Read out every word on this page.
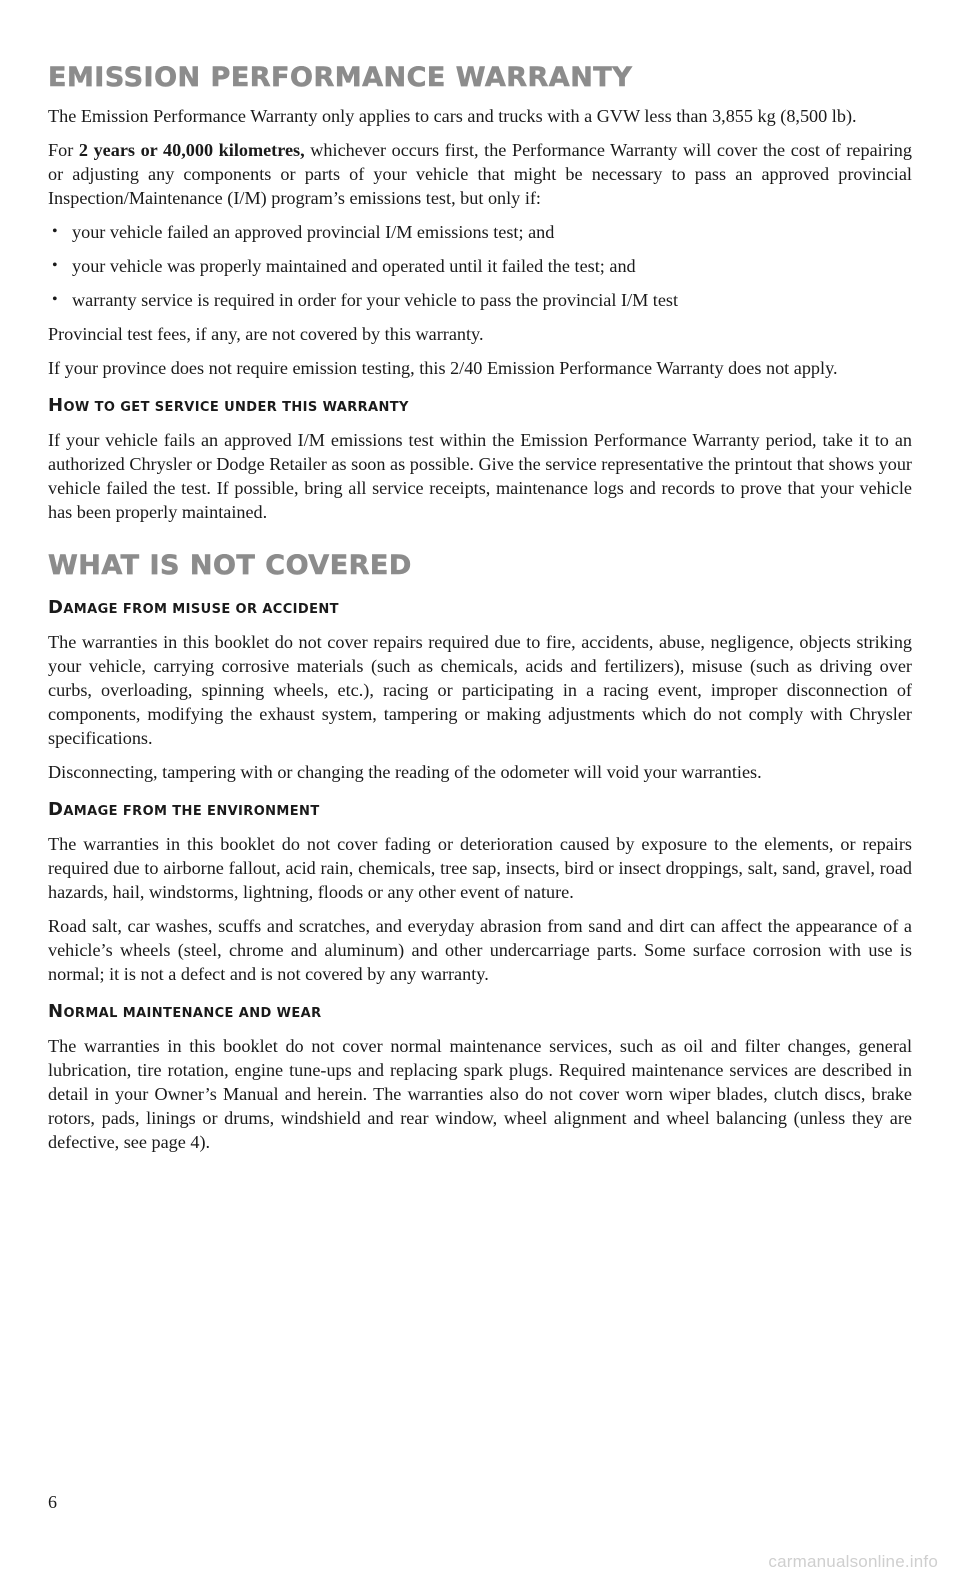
EMISSION PERFORMANCE WARRANTY

The Emission Performance Warranty only applies to cars and trucks with a GVW less than 3,855 kg (8,500 lb).

For 2 years or 40,000 kilometres, whichever occurs first, the Performance Warranty will cover the cost of repairing or adjusting any components or parts of your vehicle that might be necessary to pass an approved provincial Inspection/Maintenance (I/M) program’s emissions test, but only if:

• your vehicle failed an approved provincial I/M emissions test; and
• your vehicle was properly maintained and operated until it failed the test; and
• warranty service is required in order for your vehicle to pass the provincial I/M test

Provincial test fees, if any, are not covered by this warranty.

If your province does not require emission testing, this 2/40 Emission Performance Warranty does not apply.

HOW TO GET SERVICE UNDER THIS WARRANTY

If your vehicle fails an approved I/M emissions test within the Emission Performance Warranty period, take it to an authorized Chrysler or Dodge Retailer as soon as possible. Give the service representative the printout that shows your vehicle failed the test. If possible, bring all service receipts, maintenance logs and records to prove that your vehicle has been properly maintained.

WHAT IS NOT COVERED
DAMAGE FROM MISUSE OR ACCIDENT

The warranties in this booklet do not cover repairs required due to fire, accidents, abuse, negligence, objects striking your vehicle, carrying corrosive materials (such as chemicals, acids and fertilizers), misuse (such as driving over curbs, overloading, spinning wheels, etc.), racing or participating in a racing event, improper disconnection of components, modifying the exhaust system, tampering or making adjustments which do not comply with Chrysler specifications.

Disconnecting, tampering with or changing the reading of the odometer will void your warranties.

DAMAGE FROM THE ENVIRONMENT

The warranties in this booklet do not cover fading or deterioration caused by exposure to the elements, or repairs required due to airborne fallout, acid rain, chemicals, tree sap, insects, bird or insect droppings, salt, sand, gravel, road hazards, hail, windstorms, lightning, floods or any other event of nature.

Road salt, car washes, scuffs and scratches, and everyday abrasion from sand and dirt can affect the appearance of a vehicle’s wheels (steel, chrome and aluminum) and other undercarriage parts. Some surface corrosion with use is normal; it is not a defect and is not covered by any warranty.

NORMAL MAINTENANCE AND WEAR

The warranties in this booklet do not cover normal maintenance services, such as oil and filter changes, general lubrication, tire rotation, engine tune-ups and replacing spark plugs. Required maintenance services are described in detail in your Owner’s Manual and herein. The warranties also do not cover worn wiper blades, clutch discs, brake rotors, pads, linings or drums, windshield and rear window, wheel alignment and wheel balancing (unless they are defective, see page 4).

6
carmanualsonline.info
